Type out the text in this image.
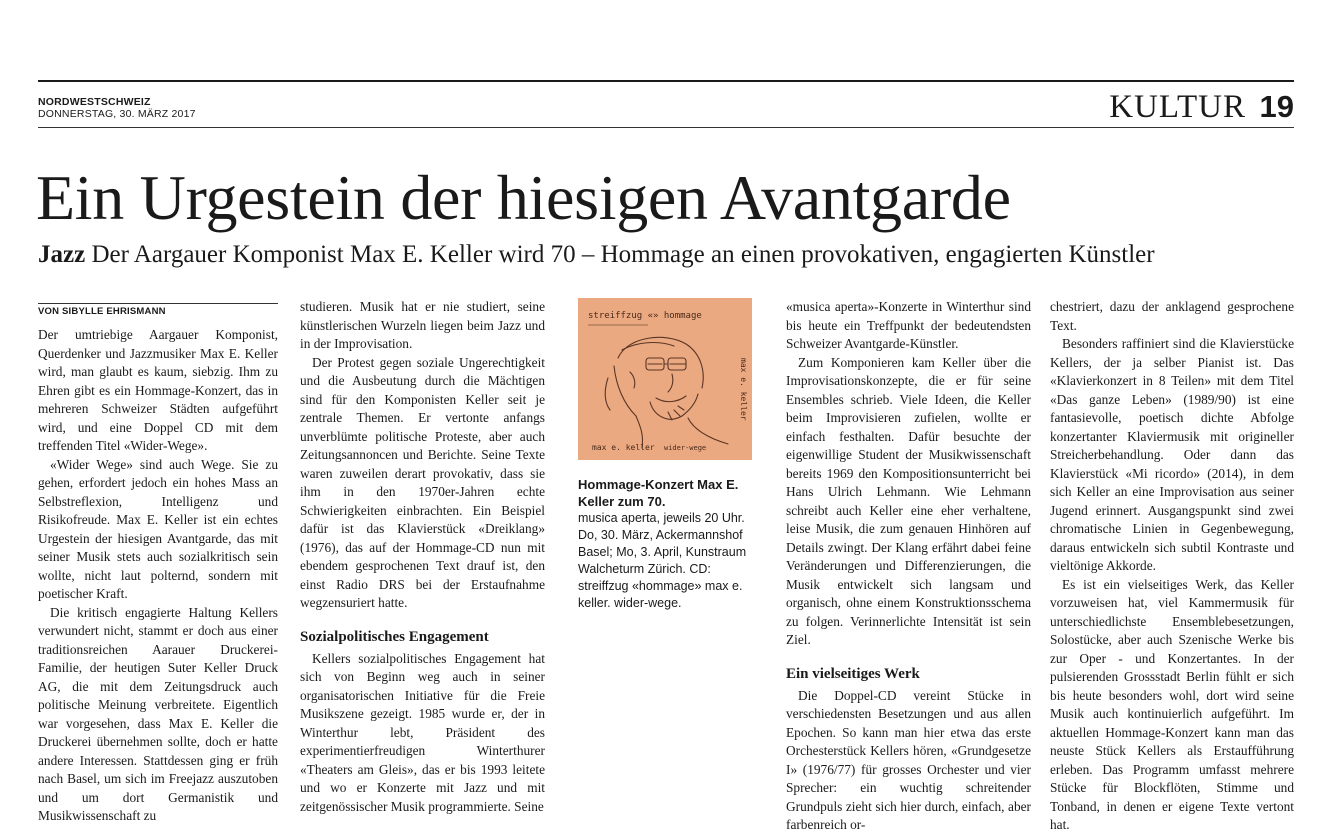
NORDWESTSCHWEIZ
DONNERSTAG, 30. MÄRZ 2017	KULTUR 19
Ein Urgestein der hiesigen Avantgarde
Jazz Der Aargauer Komponist Max E. Keller wird 70 – Hommage an einen provokativen, engagierten Künstler
VON SIBYLLE EHRISMANN

Der umtriebige Aargauer Komponist, Querdenker und Jazzmusiker Max E. Keller wird, man glaubt es kaum, siebzig. Ihm zu Ehren gibt es ein Hommage-Konzert, das in mehreren Schweizer Städten aufgeführt wird, und eine Doppel CD mit dem treffenden Titel «Wider-Wege».

«Wider Wege» sind auch Wege. Sie zu gehen, erfordert jedoch ein hohes Mass an Selbstreflexion, Intelligenz und Risikofreude. Max E. Keller ist ein echtes Urgestein der hiesigen Avantgarde, das mit seiner Musik stets auch sozialkritisch sein wollte, nicht laut polternd, sondern mit poetischer Kraft.

Die kritisch engagierte Haltung Kellers verwundert nicht, stammt er doch aus einer traditionsreichen Aarauer Druckerei-Familie, der heutigen Suter Keller Druck AG, die mit dem Zeitungsdruck auch politische Meinung verbreitete. Eigentlich war vorgesehen, dass Max E. Keller die Druckerei übernehmen sollte, doch er hatte andere Interessen. Stattdessen ging er früh nach Basel, um sich im Freejazz auszutoben und um dort Germanistik und Musikwissenschaft zu

studieren. Musik hat er nie studiert, seine künstlerischen Wurzeln liegen beim Jazz und in der Improvisation.

Der Protest gegen soziale Ungerechtigkeit und die Ausbeutung durch die Mächtigen sind für den Komponisten Keller seit je zentrale Themen. Er vertonte anfangs unverblümte politische Proteste, aber auch Zeitungsannoncen und Berichte. Seine Texte waren zuweilen derart provokativ, dass sie ihm in den 1970er-Jahren echte Schwierigkeiten einbrachten. Ein Beispiel dafür ist das Klavierstück «Dreiklang» (1976), das auf der Hommage-CD nun mit ebendem gesprochenen Text drauf ist, den einst Radio DRS bei der Erstaufnahme wegzensuriert hatte.

Sozialpolitisches Engagement

Kellers sozialpolitisches Engagement hat sich von Beginn weg auch in seiner organisatorischen Initiative für die Freie Musikszene gezeigt. 1985 wurde er, der in Winterthur lebt, Präsident des experimentierfreudigen Winterthurer «Theaters am Gleis», das er bis 1993 leitete und wo er Konzerte mit Jazz und mit zeitgenössischer Musik programmierte. Seine

streiffzug «» hommage
max e. keller wider-wege
max e. keller
Hommage-Konzert Max E. Keller zum 70.
musica aperta, jeweils 20 Uhr. Do, 30. März, Ackermannshof Basel; Mo, 3. April, Kunstraum Walcheturm Zürich. CD: streiffzug «hommage» max e. keller. wider-wege.

«musica aperta»-Konzerte in Winterthur sind bis heute ein Treffpunkt der bedeutendsten Schweizer Avantgarde-Künstler.

Zum Komponieren kam Keller über die Improvisationskonzepte, die er für seine Ensembles schrieb. Viele Ideen, die Keller beim Improvisieren zufielen, wollte er einfach festhalten. Dafür besuchte der eigenwillige Student der Musikwissenschaft bereits 1969 den Kompositionsunterricht bei Hans Ulrich Lehmann. Wie Lehmann schreibt auch Keller eine eher verhaltene, leise Musik, die zum genauen Hinhören auf Details zwingt. Der Klang erfährt dabei feine Veränderungen und Differenzierungen, die Musik entwickelt sich langsam und organisch, ohne einem Konstruktionsschema zu folgen. Verinnerlichte Intensität ist sein Ziel.

Ein vielseitiges Werk

Die Doppel-CD vereint Stücke in verschiedensten Besetzungen und aus allen Epochen. So kann man hier etwa das erste Orchesterstück Kellers hören, «Grundgesetze I» (1976/77) für grosses Orchester und vier Sprecher: ein wuchtig schreitender Grundpuls zieht sich hier durch, einfach, aber farbenreich or-

chestriert, dazu der anklagend gesprochene Text.

Besonders raffiniert sind die Klavierstücke Kellers, der ja selber Pianist ist. Das «Klavierkonzert in 8 Teilen» mit dem Titel «Das ganze Leben» (1989/90) ist eine fantasievolle, poetisch dichte Abfolge konzertanter Klaviermusik mit origineller Streicherbehandlung. Oder dann das Klavierstück «Mi ricordo» (2014), in dem sich Keller an eine Improvisation aus seiner Jugend erinnert. Ausgangspunkt sind zwei chromatische Linien in Gegenbewegung, daraus entwickeln sich subtil Kontraste und vieltönige Akkorde.

Es ist ein vielseitiges Werk, das Keller vorzuweisen hat, viel Kammermusik für unterschiedlichste Ensemblebesetzungen, Solostücke, aber auch Szenische Werke bis zur Oper - und Konzertantes. In der pulsierenden Grossstadt Berlin fühlt er sich bis heute besonders wohl, dort wird seine Musik auch kontinuierlich aufgeführt. Im aktuellen Hommage-Konzert kann man das neuste Stück Kellers als Erstaufführung erleben. Das Programm umfasst mehrere Stücke für Blockflöten, Stimme und Tonband, in denen er eigene Texte vertont hat.
